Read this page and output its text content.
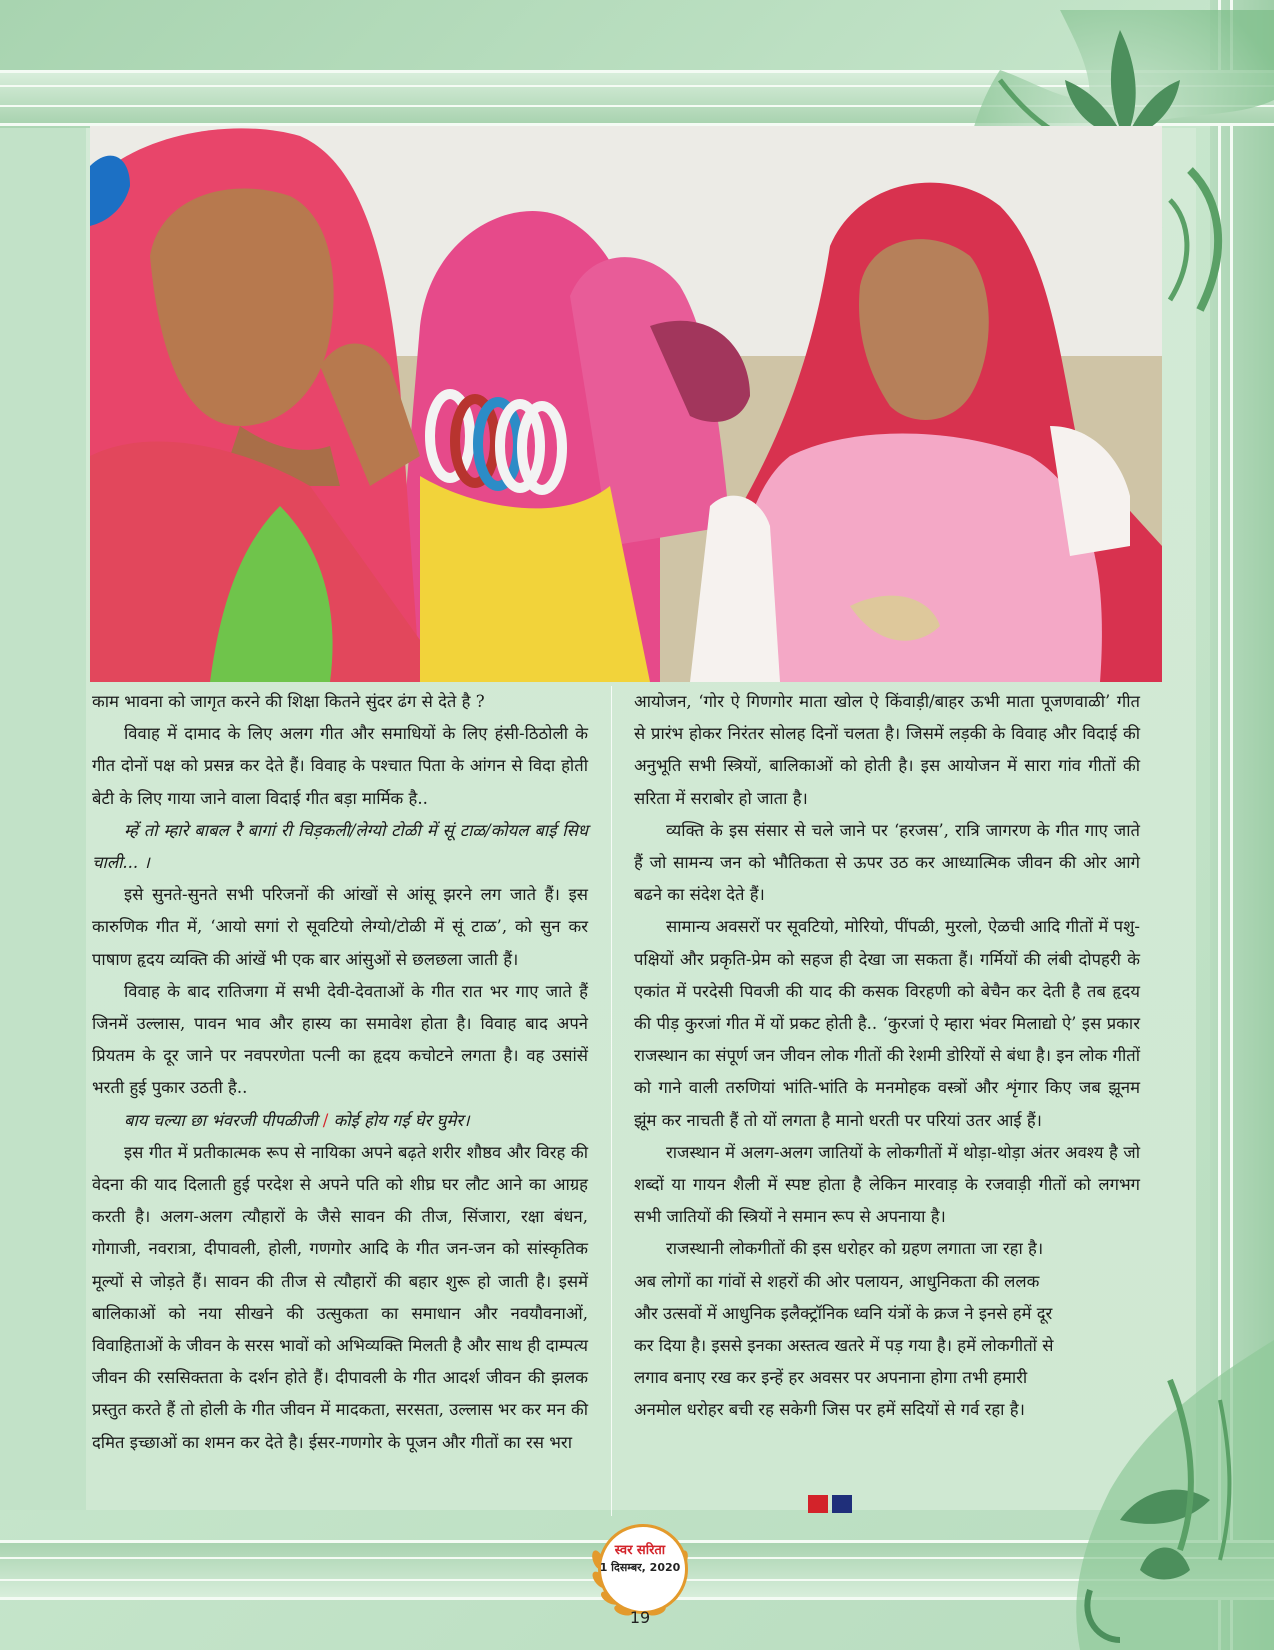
काम भावना को जागृत करने की शिक्षा कितने सुंदर ढंग से देते है ?

विवाह में दामाद के लिए अलग गीत और समाधियों के लिए हंसी-ठिठोली के गीत दोनों पक्ष को प्रसन्न कर देते हैं। विवाह के पश्चात पिता के आंगन से विदा होती बेटी के लिए गाया जाने वाला विदाई गीत बड़ा मार्मिक है..

म्हें तो म्हारे बाबल रै बागां री चिड़कली/लेग्यो टोळी में सूं टाळ/कोयल बाई सिध चाली... ।

इसे सुनते-सुनते सभी परिजनों की आंखों से आंसू झरने लग जाते हैं। इस कारुणिक गीत में, ‘आयो सगां रो सूवटियो लेग्यो/टोळी में सूं टाळ’, को सुन कर पाषाण हृदय व्यक्ति की आंखें भी एक बार आंसुओं से छलछला जाती हैं।

विवाह के बाद रातिजगा में सभी देवी-देवताओं के गीत रात भर गाए जाते हैं जिनमें उल्लास, पावन भाव और हास्य का समावेश होता है। विवाह बाद अपने प्रियतम के दूर जाने पर नवपरणेता पत्नी का हृदय कचोटने लगता है। वह उसांसें भरती हुई पुकार उठती है..

बाय चल्या छा भंवरजी पीपळीजी / कोई होय गई घेर घुमेर।

इस गीत में प्रतीकात्मक रूप से नायिका अपने बढ़ते शरीर शौष्ठव और विरह की वेदना की याद दिलाती हुई परदेश से अपने पति को शीघ्र घर लौट आने का आग्रह करती है। अलग-अलग त्यौहारों के जैसे सावन की तीज, सिंजारा, रक्षा बंधन, गोगाजी, नवरात्रा, दीपावली, होली, गणगोर आदि के गीत जन-जन को सांस्कृतिक मूल्यों से जोड़ते हैं। सावन की तीज से त्यौहारों की बहार शुरू हो जाती है। इसमें बालिकाओं को नया सीखने की उत्सुकता का समाधान और नवयौवनाओं, विवाहिताओं के जीवन के सरस भावों को अभिव्यक्ति मिलती है और साथ ही दाम्पत्य जीवन की रससिक्तता के दर्शन होते हैं। दीपावली के गीत आदर्श जीवन की झलक प्रस्तुत करते हैं तो होली के गीत जीवन में मादकता, सरसता, उल्लास भर कर मन की दमित इच्छाओं का शमन कर देते है। ईसर-गणगोर के पूजन और गीतों का रस भरा

आयोजन, ‘गोर ऐ गिणगोर माता खोल ऐ किंवाड़ी/बाहर ऊभी माता पूजणवाळी’ गीत से प्रारंभ होकर निरंतर सोलह दिनों चलता है। जिसमें लड़की के विवाह और विदाई की अनुभूति सभी स्त्रियों, बालिकाओं को होती है। इस आयोजन में सारा गांव गीतों की सरिता में सराबोर हो जाता है।

व्यक्ति के इस संसार से चले जाने पर ‘हरजस’, रात्रि जागरण के गीत गाए जाते हैं जो सामन्य जन को भौतिकता से ऊपर उठ कर आध्यात्मिक जीवन की ओर आगे बढने का संदेश देते हैं।

सामान्य अवसरों पर सूवटियो, मोरियो, पींपळी, मुरलो, ऐळची आदि गीतों में पशु-पक्षियों और प्रकृति-प्रेम को सहज ही देखा जा सकता हैं। गर्मियों की लंबी दोपहरी के एकांत में परदेसी पिवजी की याद की कसक विरहणी को बेचैन कर देती है तब हृदय की पीड़ कुरजां गीत में यों प्रकट होती है.. ‘कुरजां ऐ म्हारा भंवर मिलाद्यो ऐ’ इस प्रकार राजस्थान का संपूर्ण जन जीवन लोक गीतों की रेशमी डोरियों से बंधा है। इन लोक गीतों को गाने वाली तरुणियां भांति-भांति के मनमोहक वस्त्रों और शृंगार किए जब झूनम झूंम कर नाचती हैं तो यों लगता है मानो धरती पर परियां उतर आई हैं।

राजस्थान में अलग-अलग जातियों के लोकगीतों में थोड़ा-थोड़ा अंतर अवश्य है जो शब्दों या गायन शैली में स्पष्ट होता है लेकिन मारवाड़ के रजवाड़ी गीतों को लगभग सभी जातियों की स्त्रियों ने समान रूप से अपनाया है।

राजस्थानी लोकगीतों की इस धरोहर को ग्रहण लगाता जा रहा है। अब लोगों का गांवों से शहरों की ओर पलायन, आधुनिकता की ललक और उत्सवों में आधुनिक इलैक्ट्रॉनिक ध्वनि यंत्रों के क्रज ने इनसे हमें दूर कर दिया है। इससे इनका अस्तत्व खतरे में पड़ गया है। हमें लोकगीतों से लगाव बनाए रख कर इन्हें हर अवसर पर अपनाना होगा तभी हमारी अनमोल धरोहर बची रह सकेगी जिस पर हमें सदियों से गर्व रहा है।

स्वर सरिता
1 दिसम्बर, 2020
19
